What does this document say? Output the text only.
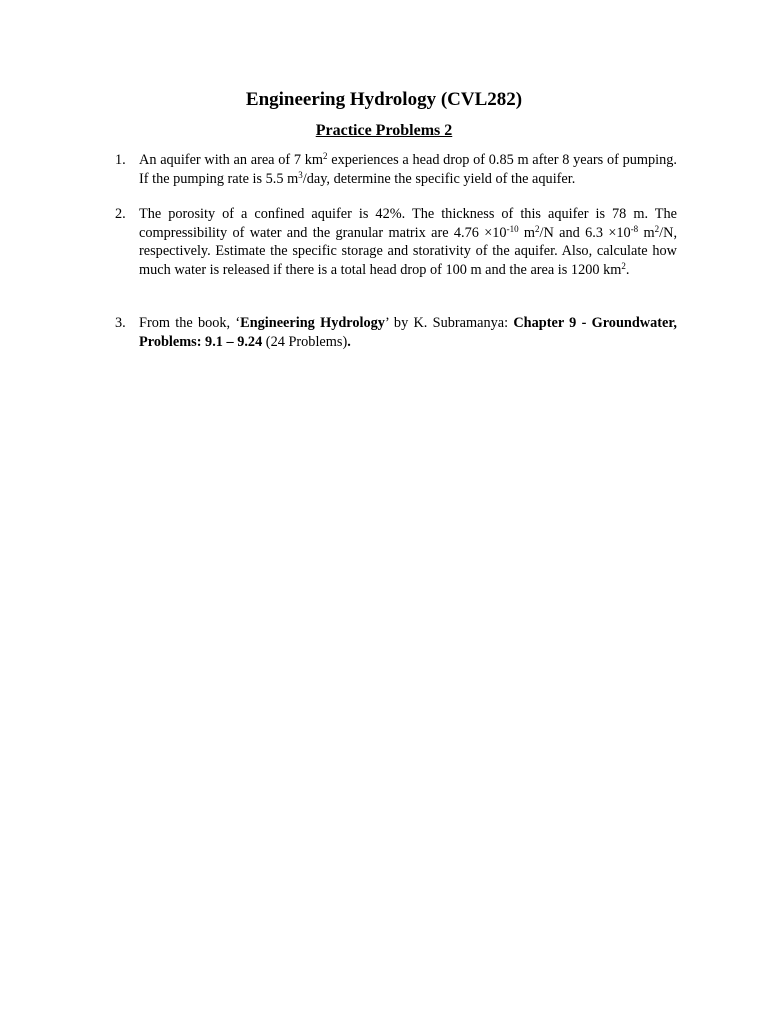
Engineering Hydrology (CVL282)
Practice Problems 2
1. An aquifer with an area of 7 $km^2$ experiences a head drop of 0.85 m after 8 years of pumping. If the pumping rate is 5.5 $m^3$/day, determine the specific yield of the aquifer.
2. The porosity of a confined aquifer is 42%. The thickness of this aquifer is 78 m. The compressibility of water and the granular matrix are $4.76 \times 10^{-10}$ $m^2/N$ and $6.3 \times 10^{-8}$ $m^2/N$, respectively. Estimate the specific storage and storativity of the aquifer. Also, calculate how much water is released if there is a total head drop of 100 m and the area is 1200 $km^2$.
3. From the book, ‘Engineering Hydrology’ by K. Subramanya: Chapter 9 - Groundwater, Problems: 9.1 – 9.24 (24 Problems).
